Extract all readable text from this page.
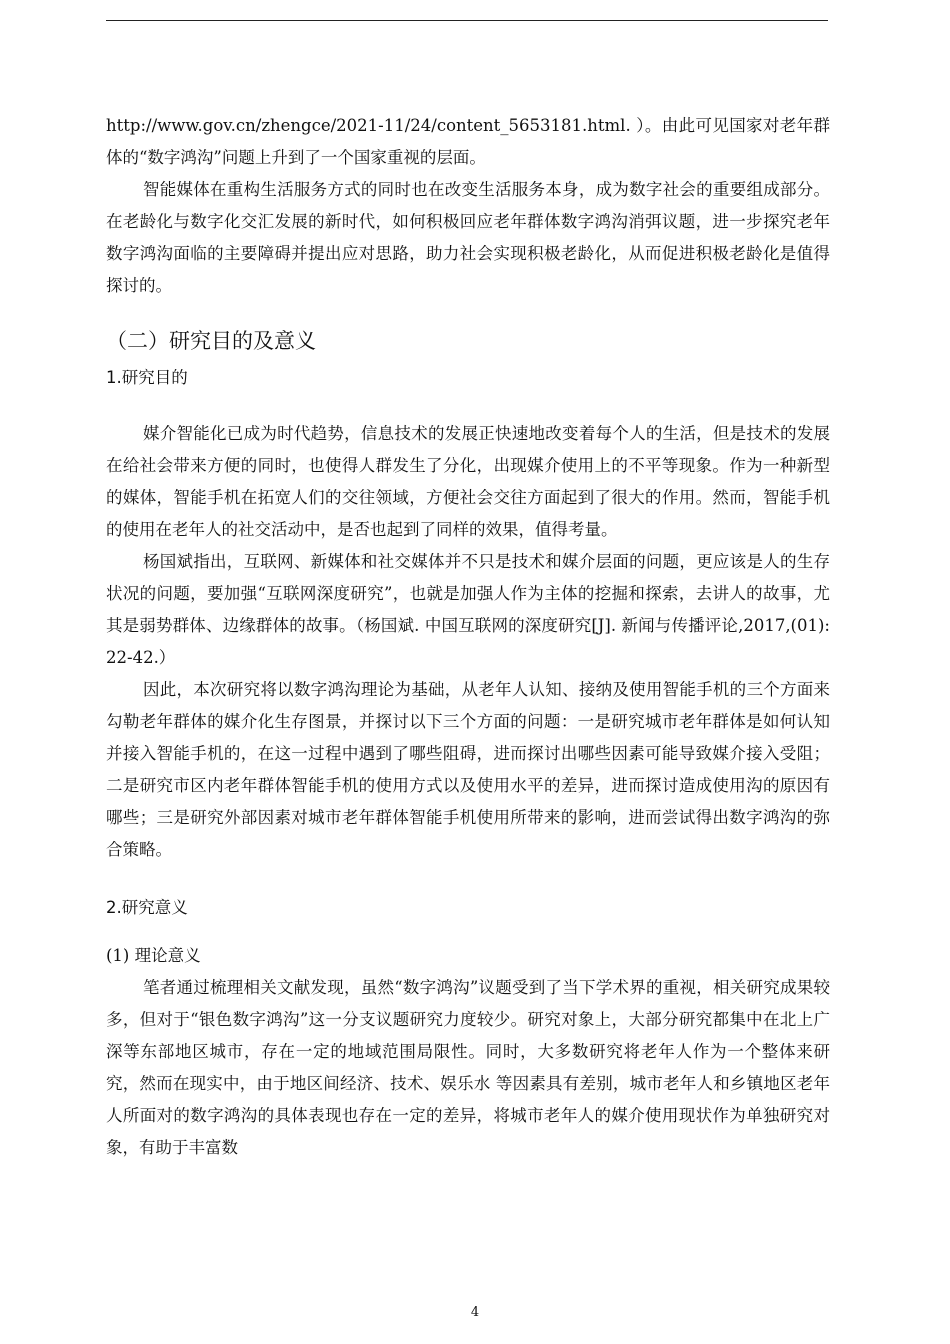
http://www.gov.cn/zhengce/2021-11/24/content_5653181.html. ）。由此可见国家对老年群体的“数字鸿沟”问题上升到了一个国家重视的层面。

智能媒体在重构生活服务方式的同时也在改变生活服务本身，成为数字社会的重要组成部分。在老龄化与数字化交汇发展的新时代，如何积极回应老年群体数字鸿沟消弭议题，进一步探究老年数字鸿沟面临的主要障碍并提出应对思路，助力社会实现积极老龄化，从而促进积极老龄化是值得探讨的。

（二）研究目的及意义
1.研究目的

媒介智能化已成为时代趋势，信息技术的发展正快速地改变着每个人的生活，但是技术的发展在给社会带来方便的同时，也使得人群发生了分化，出现媒介使用上的不平等现象。作为一种新型的媒体，智能手机在拓宽人们的交往领域，方便社会交往方面起到了很大的作用。然而，智能手机的使用在老年人的社交活动中，是否也起到了同样的效果，值得考量。

杨国斌指出，互联网、新媒体和社交媒体并不只是技术和媒介层面的问题，更应该是人的生存状况的问题，要加强“互联网深度研究”，也就是加强人作为主体的挖掘和探索，去讲人的故事，尤其是弱势群体、边缘群体的故事。（杨国斌. 中国互联网的深度研究[J]. 新闻与传播评论,2017,(01):22-42.）

因此，本次研究将以数字鸿沟理论为基础，从老年人认知、接纳及使用智能手机的三个方面来勾勒老年群体的媒介化生存图景，并探讨以下三个方面的问题：一是研究城市老年群体是如何认知并接入智能手机的，在这一过程中遇到了哪些阻碍，进而探讨出哪些因素可能导致媒介接入受阻；二是研究市区内老年群体智能手机的使用方式以及使用水平的差异，进而探讨造成使用沟的原因有哪些；三是研究外部因素对城市老年群体智能手机使用所带来的影响，进而尝试得出数字鸿沟的弥合策略。

2.研究意义

(1) 理论意义

笔者通过梳理相关文献发现，虽然“数字鸿沟”议题受到了当下学术界的重视，相关研究成果较多，但对于“银色数字鸿沟”这一分支议题研究力度较少。研究对象上，大部分研究都集中在北上广深等东部地区城市，存在一定的地域范围局限性。同时，大多数研究将老年人作为一个整体来研究，然而在现实中，由于地区间经济、技术、娱乐水 等因素具有差别，城市老年人和乡镇地区老年人所面对的数字鸿沟的具体表现也存在一定的差异，将城市老年人的媒介使用现状作为单独研究对象，有助于丰富数

4
